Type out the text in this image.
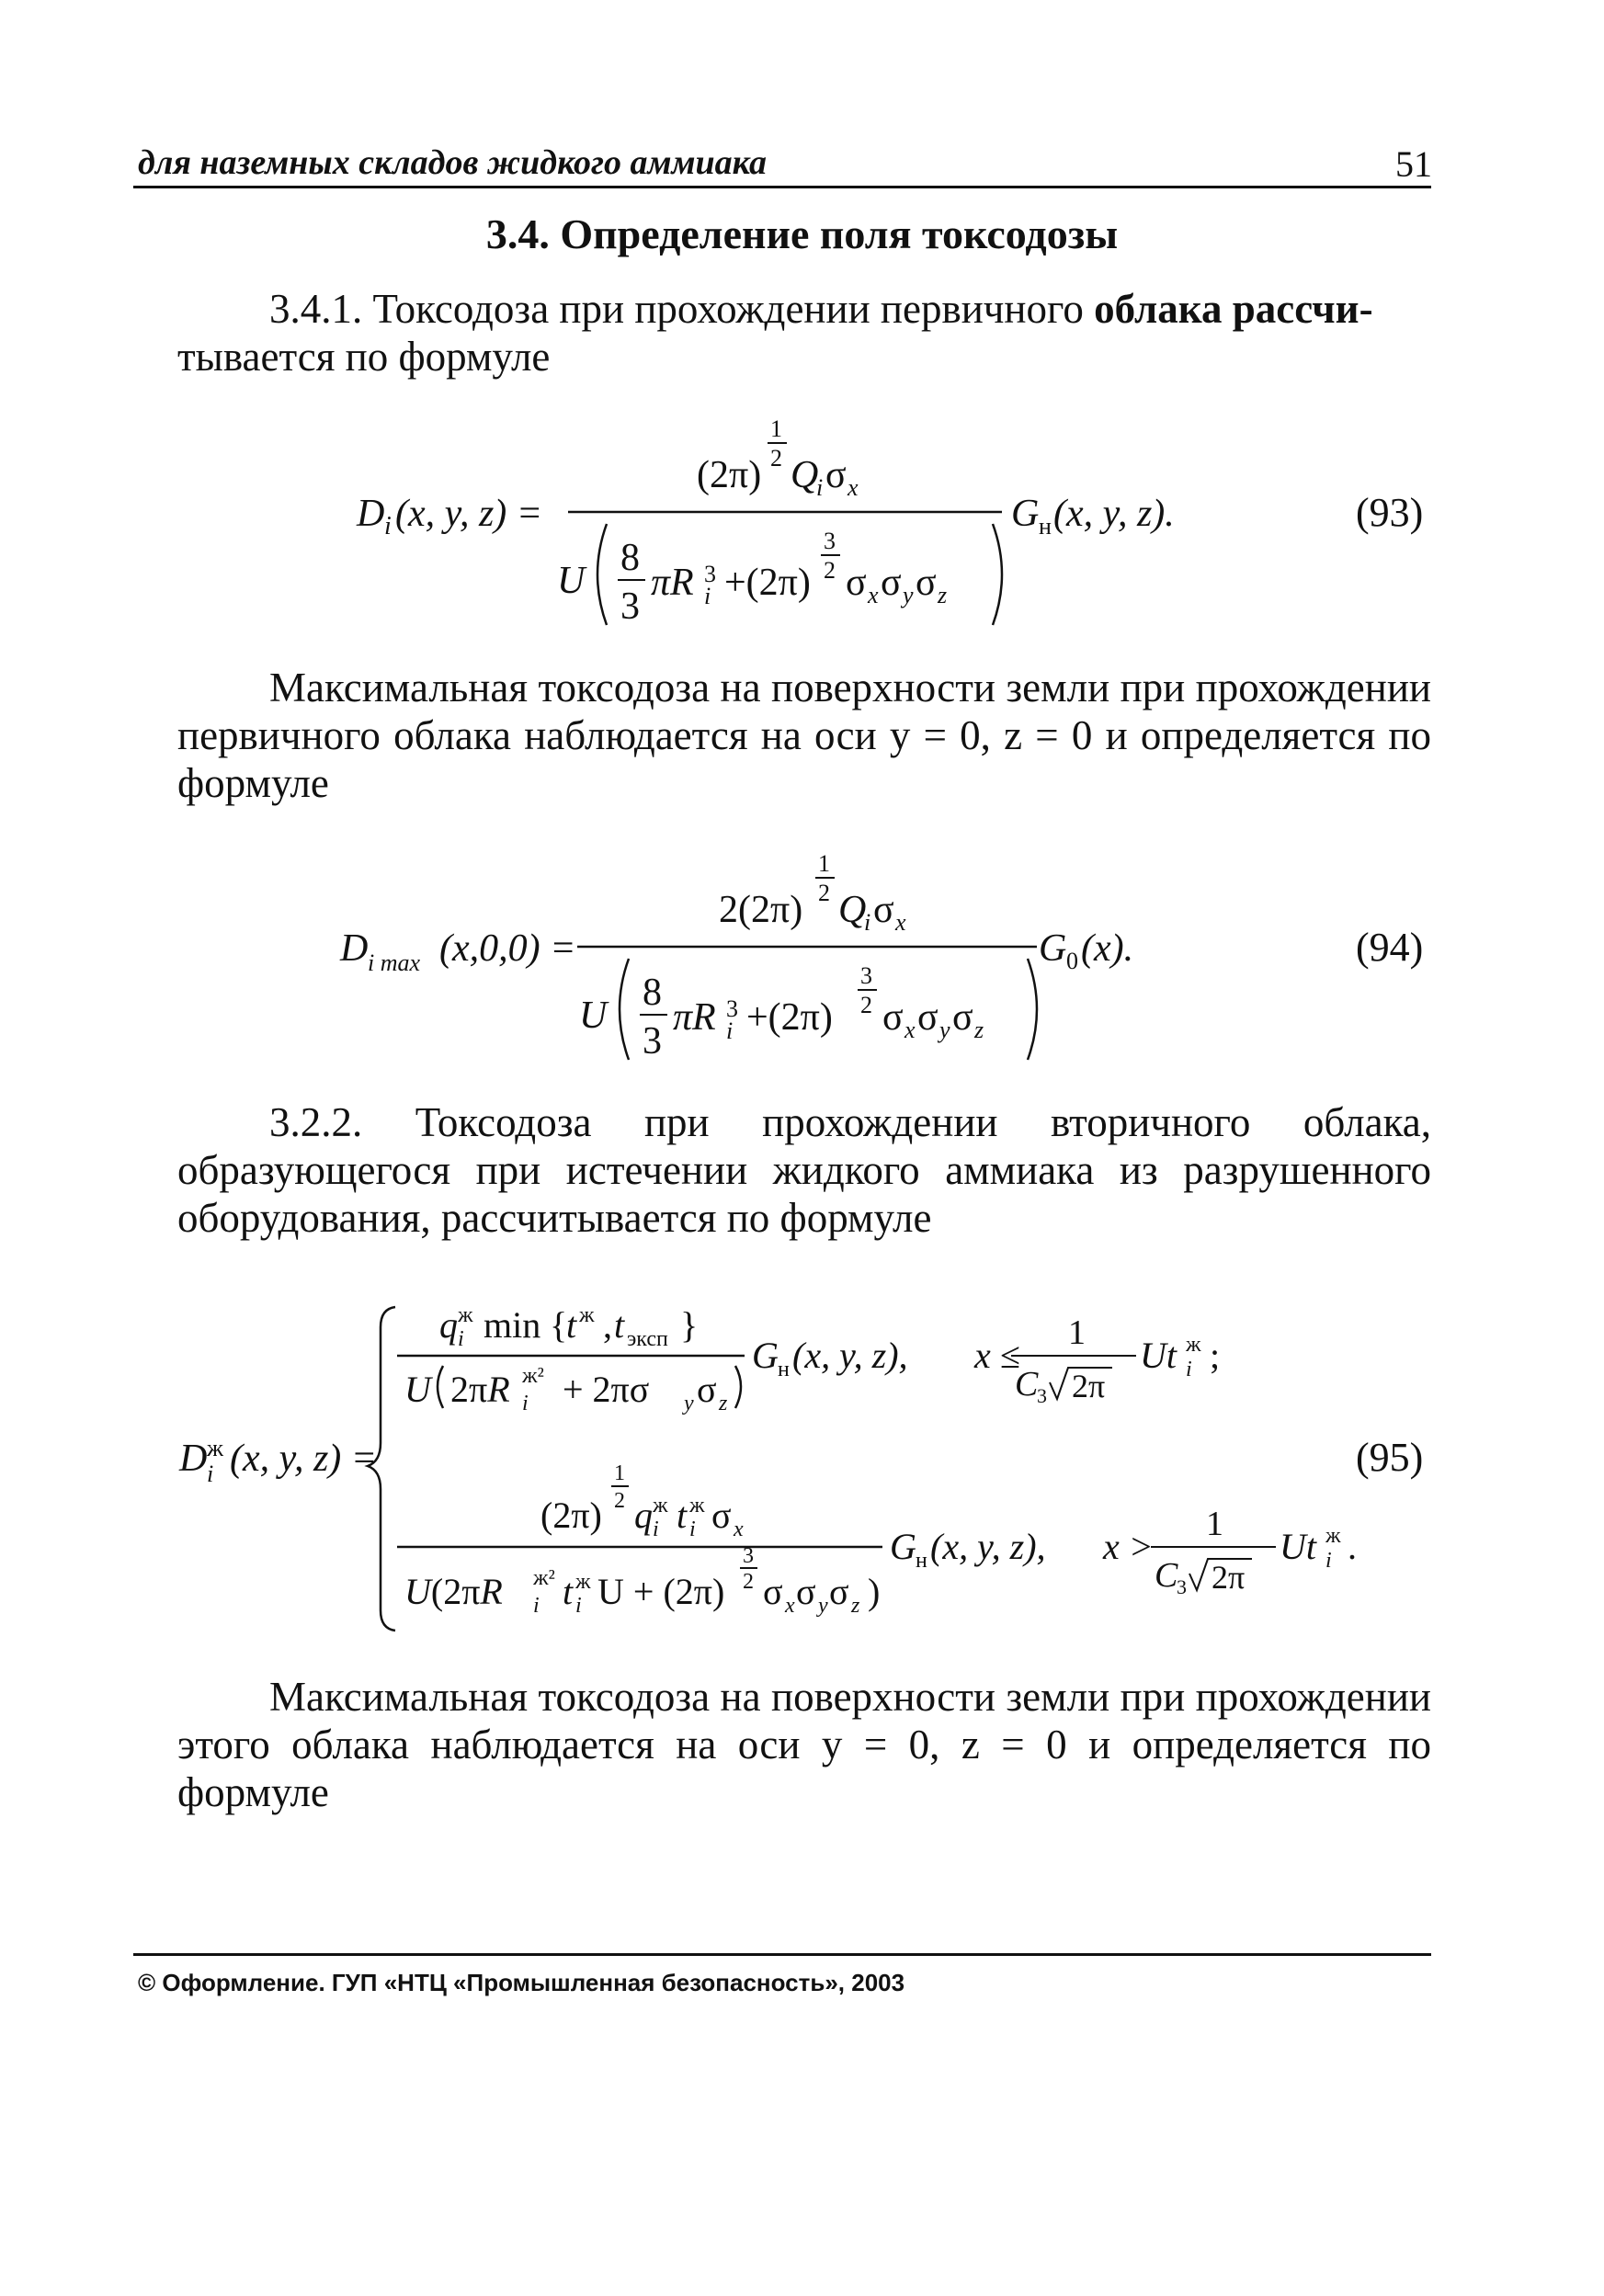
для наземных складов жидкого аммиака	51
3.4. Определение поля токсодозы
3.4.1. Токсодоза при прохождении первичного облака рассчи-
тывается по формуле
D i (x, y, z) =
1
2
(2π) Q
i σ x
U
8
3
πR 3
i +(2π)
3
2 σ x σ y σ z
G н (x, y, z).	(93)
Максимальная токсодоза на поверхности земли при прохождении первичного облака наблюдается на оси y = 0, z = 0 и определяется по формуле
D i max (x,0,0) =
1
2
2(2π) Q
i σ x
U
8
3
πR 3
i +(2π)
3
2 σ x σ y σ z
G 0 (x).	(94)
3.2.2. Токсодоза при прохождении вторичного облака, образующегося при истечении жидкого аммиака из разрушенного оборудования, рассчитывается по формуле
D ж
i (x, y, z) =
q ж
i min {
t ж , t эксп }
U 2πR ж²
i + 2πσ y σ z
G н (x, y, z), x ≤
1
C
3 2π
Ut ж
i ;
(95)
1
2
(2π) q ж
i t ж
i σ x
U(2πR ж²
i t ж
i U + (2π)
3
2 σ x σ y σ z )
G н (x, y, z), x >
1
C
3 2π
Ut ж
i .
Максимальная токсодоза на поверхности земли при прохождении этого облака наблюдается на оси y = 0, z = 0 и определяется по формуле
© Оформление. ГУП «НТЦ «Промышленная безопасность», 2003
